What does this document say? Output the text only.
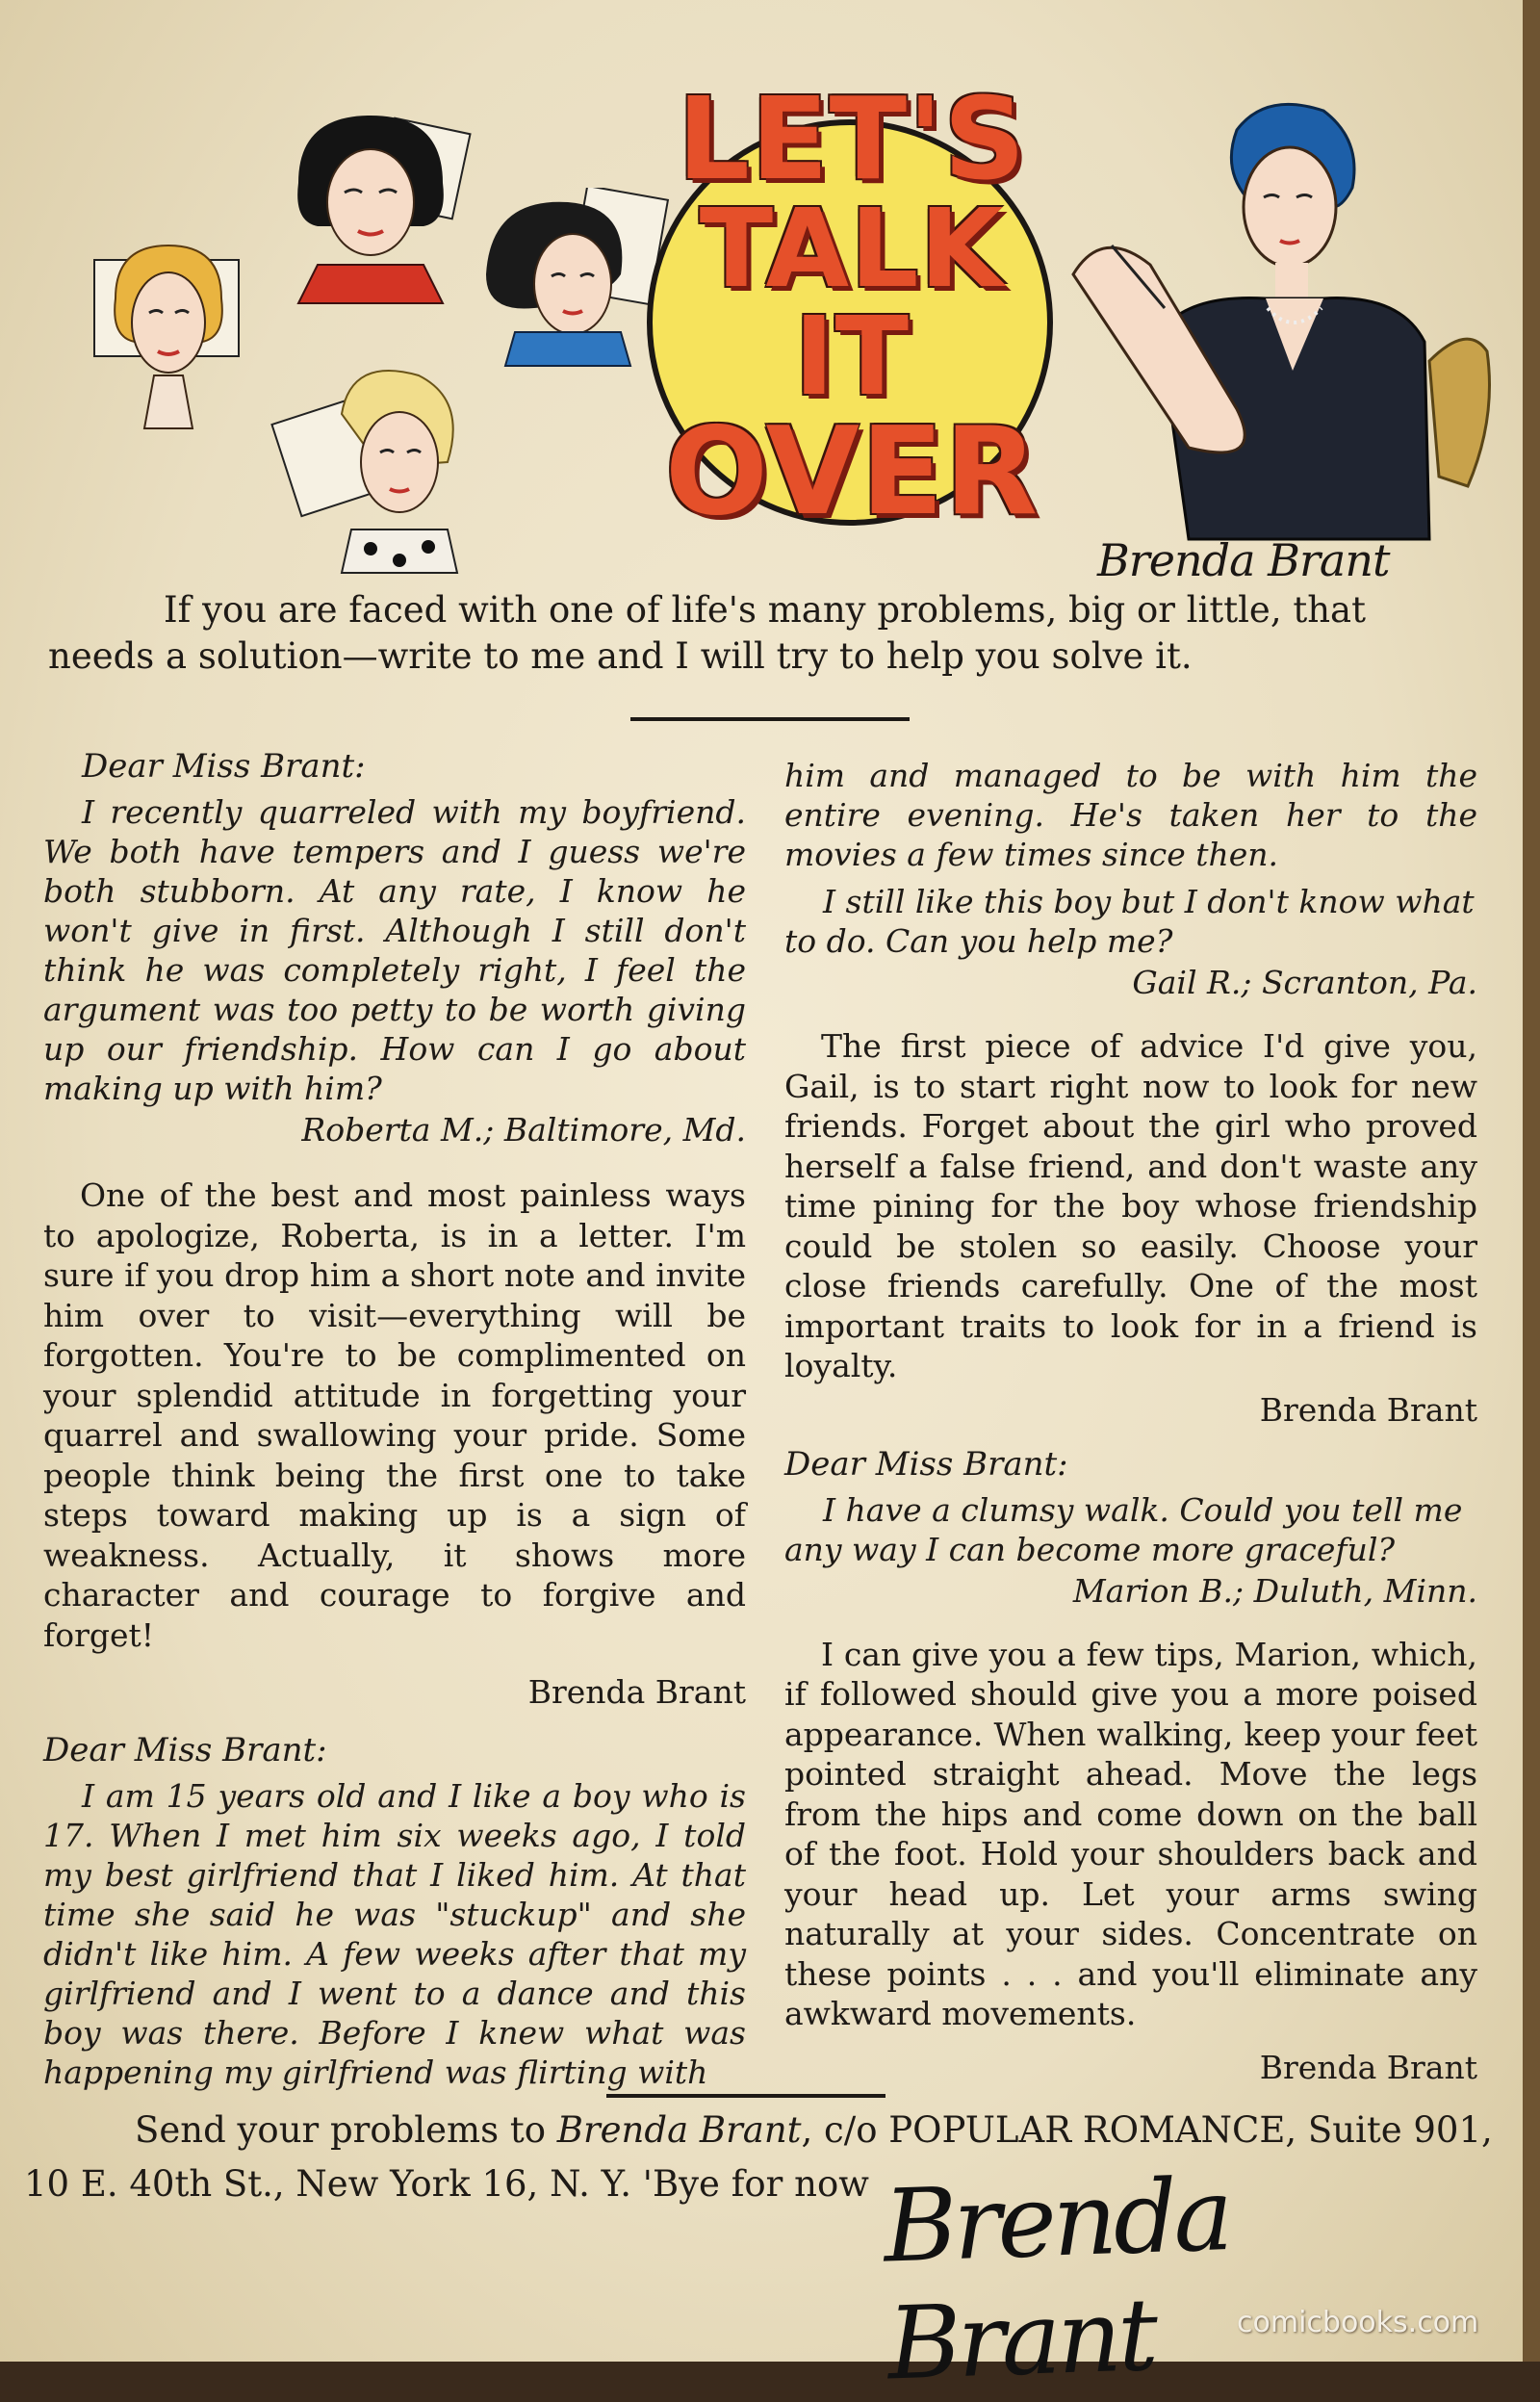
LET'S
TALK
IT
OVER
Brenda Brant
If you are faced with one of life's many problems, big or little, that needs a solution—write to me and I will try to help you solve it.

Dear Miss Brant:

I recently quarreled with my boyfriend. We both have tempers and I guess we're both stubborn. At any rate, I know he won't give in first. Although I still don't think he was completely right, I feel the argument was too petty to be worth giving up our friendship. How can I go about making up with him?

Roberta M.; Baltimore, Md.

One of the best and most painless ways to apologize, Roberta, is in a letter. I'm sure if you drop him a short note and invite him over to visit—everything will be forgotten. You're to be complimented on your splendid attitude in forgetting your quarrel and swallowing your pride. Some people think being the first one to take steps toward making up is a sign of weakness. Actually, it shows more character and courage to forgive and forget!

Brenda Brant

Dear Miss Brant:

I am 15 years old and I like a boy who is 17. When I met him six weeks ago, I told my best girlfriend that I liked him. At that time she said he was "stuckup" and she didn't like him. A few weeks after that my girlfriend and I went to a dance and this boy was there. Before I knew what was happening my girlfriend was flirting with

him and managed to be with him the entire evening. He's taken her to the movies a few times since then.

I still like this boy but I don't know what to do. Can you help me?

Gail R.; Scranton, Pa.

The first piece of advice I'd give you, Gail, is to start right now to look for new friends. Forget about the girl who proved herself a false friend, and don't waste any time pining for the boy whose friendship could be stolen so easily. Choose your close friends carefully. One of the most important traits to look for in a friend is loyalty.

Brenda Brant

Dear Miss Brant:

I have a clumsy walk. Could you tell me any way I can become more graceful?

Marion B.; Duluth, Minn.

I can give you a few tips, Marion, which, if followed should give you a more poised appearance. When walking, keep your feet pointed straight ahead. Move the legs from the hips and come down on the ball of the foot. Hold your shoulders back and your head up. Let your arms swing naturally at your sides. Concentrate on these points . . . and you'll eliminate any awkward movements.

Brenda Brant

Send your problems to Brenda Brant, c/o POPULAR ROMANCE, Suite 901, 10 E. 40th St., New York 16, N. Y. 'Bye for now Brenda Brant	comicbooks.com
